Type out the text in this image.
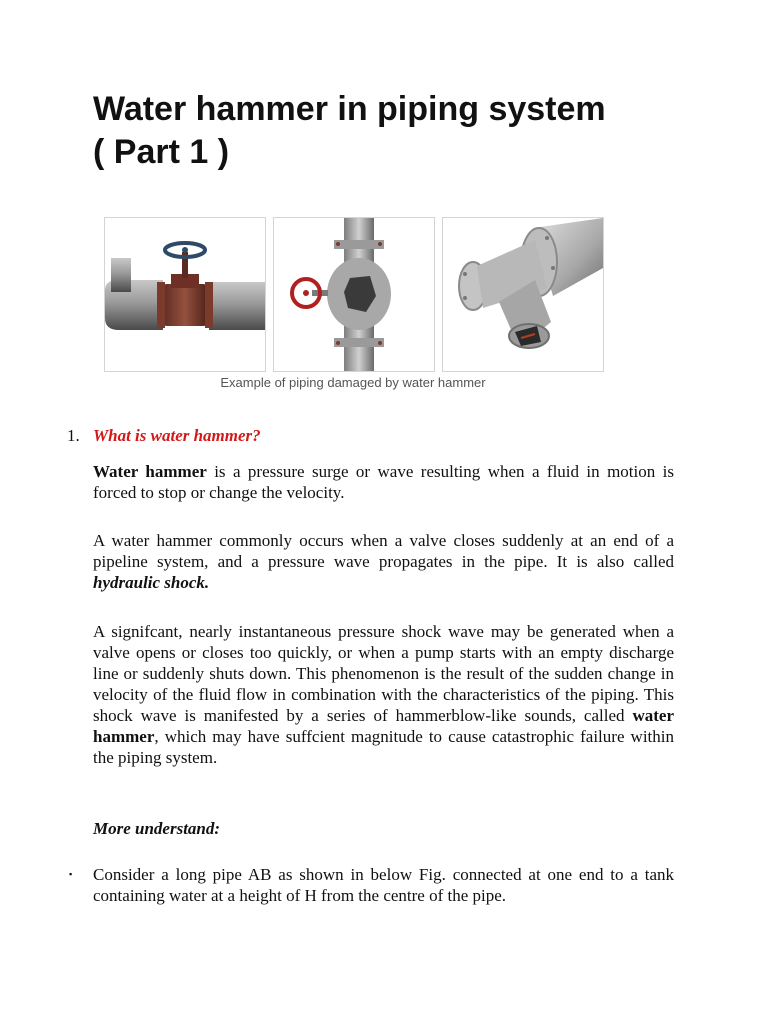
Water hammer in piping system
( Part 1 )
Example of piping damaged by water hammer
1. What is water hammer?

Water hammer is a pressure surge or wave resulting when a fluid in motion is forced to stop or change the velocity.

A water hammer commonly occurs when a valve closes suddenly at an end of a pipeline system, and a pressure wave propagates in the pipe. It is also called hydraulic shock.

A signifcant, nearly instantaneous pressure shock wave may be generated when a valve opens or closes too quickly, or when a pump starts with an empty discharge line or suddenly shuts down. This phenomenon is the result of the sudden change in velocity of the fluid flow in combination with the characteristics of the piping. This shock wave is manifested by a series of hammerblow-like sounds, called water hammer, which may have suffcient magnitude to cause catastrophic failure within the piping system.

More understand:
▪ Consider a long pipe AB as shown in below Fig. connected at one end to a tank containing water at a height of H from the centre of the pipe.
